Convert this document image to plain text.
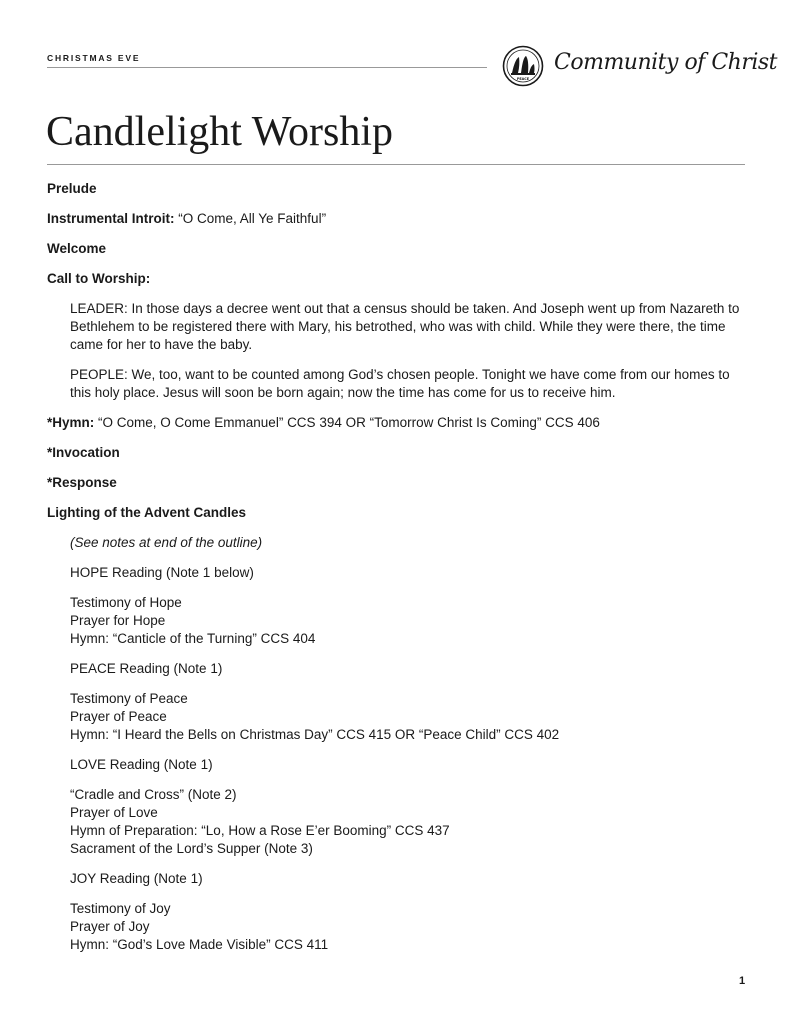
CHRISTMAS EVE
PEACE
Community of Christ
Candlelight Worship

Prelude

Instrumental Introit: “O Come, All Ye Faithful”

Welcome

Call to Worship:

LEADER: In those days a decree went out that a census should be taken. And Joseph went up from Nazareth to Bethlehem to be registered there with Mary, his betrothed, who was with child. While they were there, the time came for her to have the baby.

PEOPLE: We, too, want to be counted among God’s chosen people. Tonight we have come from our homes to this holy place. Jesus will soon be born again; now the time has come for us to receive him.

*Hymn: “O Come, O Come Emmanuel” CCS 394 OR “Tomorrow Christ Is Coming” CCS 406

*Invocation

*Response

Lighting of the Advent Candles

(See notes at end of the outline)

HOPE Reading (Note 1 below)

Testimony of Hope
Prayer for Hope
Hymn: “Canticle of the Turning” CCS 404

PEACE Reading (Note 1)

Testimony of Peace
Prayer of Peace
Hymn: “I Heard the Bells on Christmas Day” CCS 415 OR “Peace Child” CCS 402

LOVE Reading (Note 1)

“Cradle and Cross” (Note 2)
Prayer of Love
Hymn of Preparation: “Lo, How a Rose E’er Booming” CCS 437
Sacrament of the Lord’s Supper (Note 3)

JOY Reading (Note 1)

Testimony of Joy
Prayer of Joy
Hymn: “God’s Love Made Visible” CCS 411

1
